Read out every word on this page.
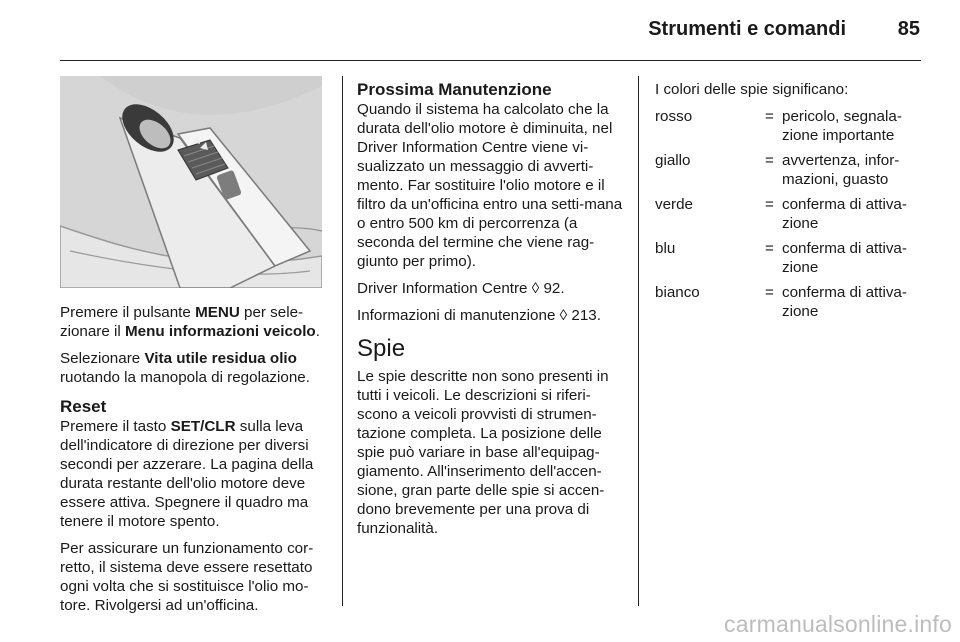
Strumenti e comandi	85

Premere il pulsante MENU per sele-zionare il Menu informazioni veicolo.

Selezionare Vita utile residua olio ruotando la manopola di regolazione.

Reset

Premere il tasto SET/CLR sulla leva dell'indicatore di direzione per diversi secondi per azzerare. La pagina della durata restante dell'olio motore deve essere attiva. Spegnere il quadro ma tenere il motore spento.

Per assicurare un funzionamento cor-retto, il sistema deve essere resettato ogni volta che si sostituisce l'olio mo-tore. Rivolgersi ad un'officina.

Prossima Manutenzione

Quando il sistema ha calcolato che la durata dell'olio motore è diminuita, nel Driver Information Centre viene vi-sualizzato un messaggio di avverti-mento. Far sostituire l'olio motore e il filtro da un'officina entro una setti-mana o entro 500 km di percorrenza (a seconda del termine che viene rag-giunto per primo).

Driver Information Centre ◊ 92.

Informazioni di manutenzione ◊ 213.

Spie

Le spie descritte non sono presenti in tutti i veicoli. Le descrizioni si riferi-scono a veicoli provvisti di strumen-tazione completa. La posizione delle spie può variare in base all'equipag-giamento. All'inserimento dell'accen-sione, gran parte delle spie si accen-dono brevemente per una prova di funzionalità.

I colori delle spie significano:

rosso	= pericolo, segnala-zione importante
giallo	= avvertenza, infor-mazioni, guasto
verde	= conferma di attiva-zione
blu	= conferma di attiva-zione
bianco	= conferma di attiva-zione
carmanualsonline.info
